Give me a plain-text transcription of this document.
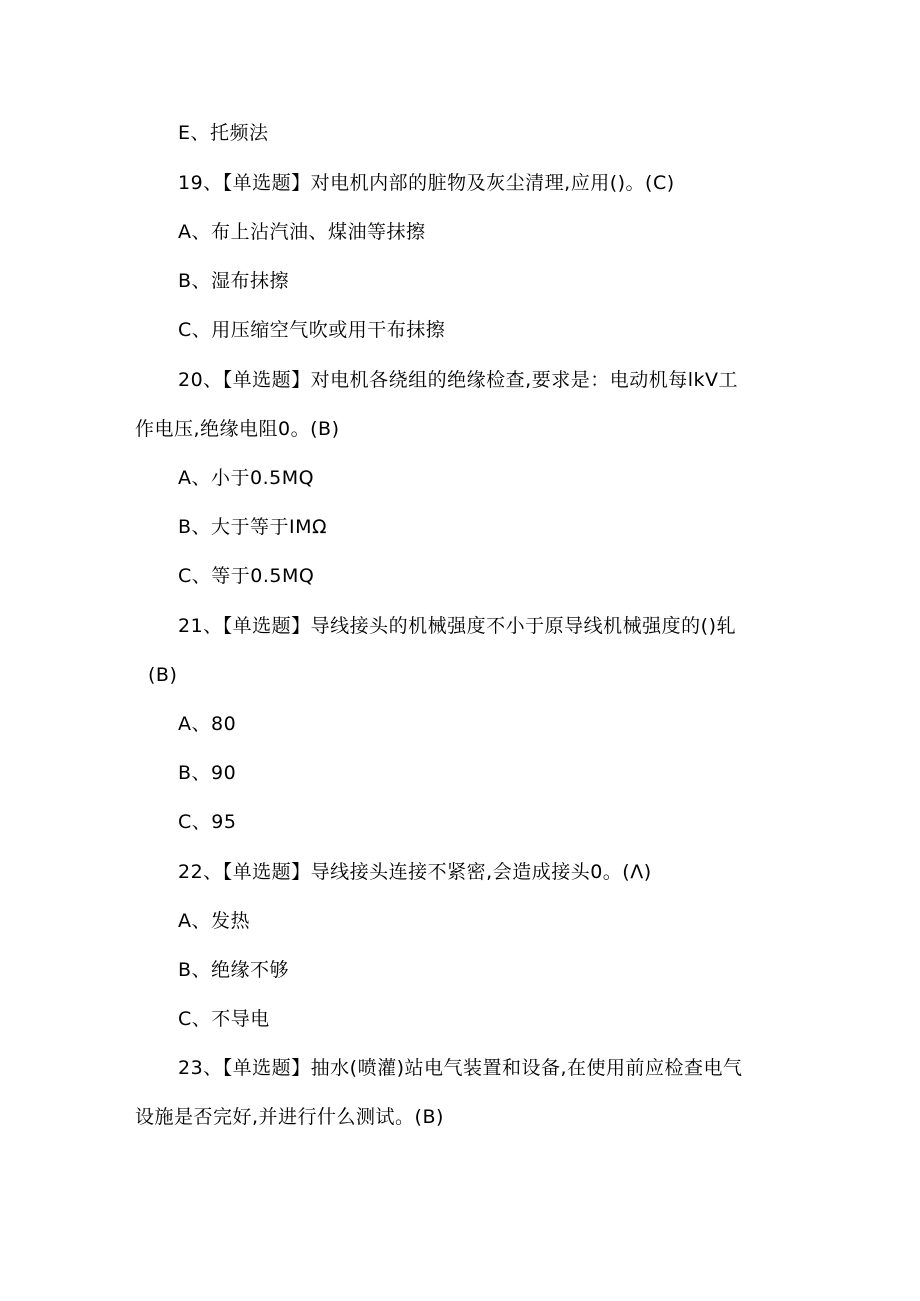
E、托频法
19、【单选题】对电机内部的脏物及灰尘清理,应用()。(C)
A、布上沾汽油、煤油等抹擦
B、湿布抹擦
C、用压缩空气吹或用干布抹擦
20、【单选题】对电机各绕组的绝缘检查,要求是：电动机每lkV工
作电压,绝缘电阻0。(B)
A、小于0.5MQ
B、大于等于IMΩ
C、等于0.5MQ
21、【单选题】导线接头的机械强度不小于原导线机械强度的()轧
(B)
A、80
B、90
C、95
22、【单选题】导线接头连接不紧密,会造成接头0。(Λ)
A、发热
B、绝缘不够
C、不导电
23、【单选题】抽水(喷灌)站电气装置和设备,在使用前应检查电气
设施是否完好,并进行什么测试。(B)
